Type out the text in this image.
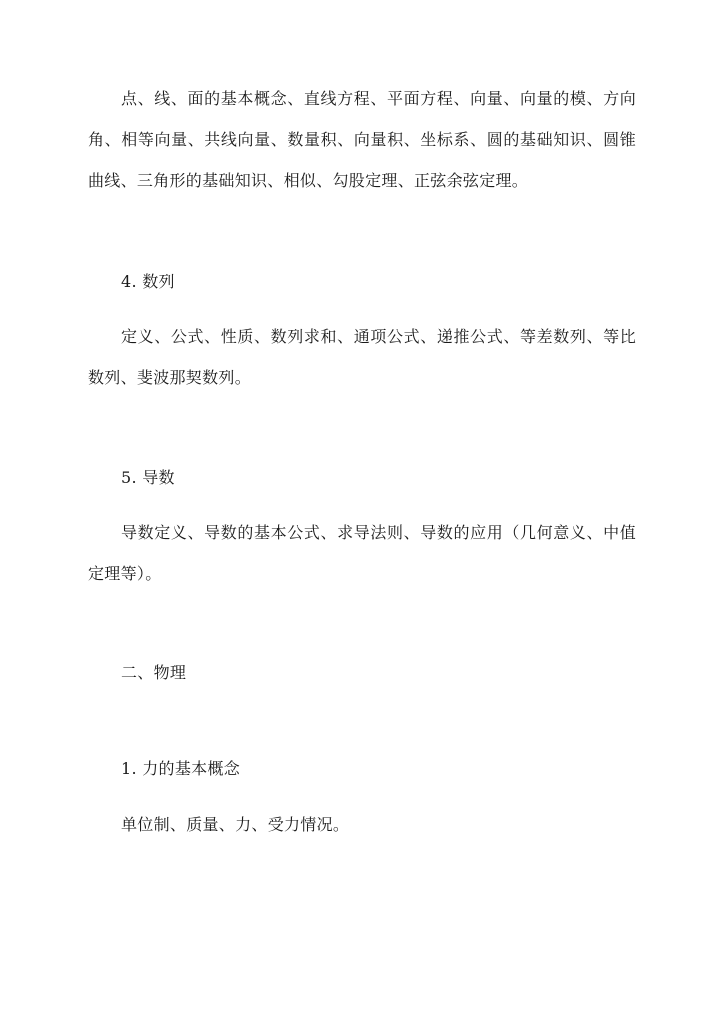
点、线、面的基本概念、直线方程、平面方程、向量、向量的模、方向角、相等向量、共线向量、数量积、向量积、坐标系、圆的基础知识、圆锥曲线、三角形的基础知识、相似、勾股定理、正弦余弦定理。

4. 数列

定义、公式、性质、数列求和、通项公式、递推公式、等差数列、等比数列、斐波那契数列。

5. 导数

导数定义、导数的基本公式、求导法则、导数的应用（几何意义、中值定理等）。

二、物理

1. 力的基本概念

单位制、质量、力、受力情况。
